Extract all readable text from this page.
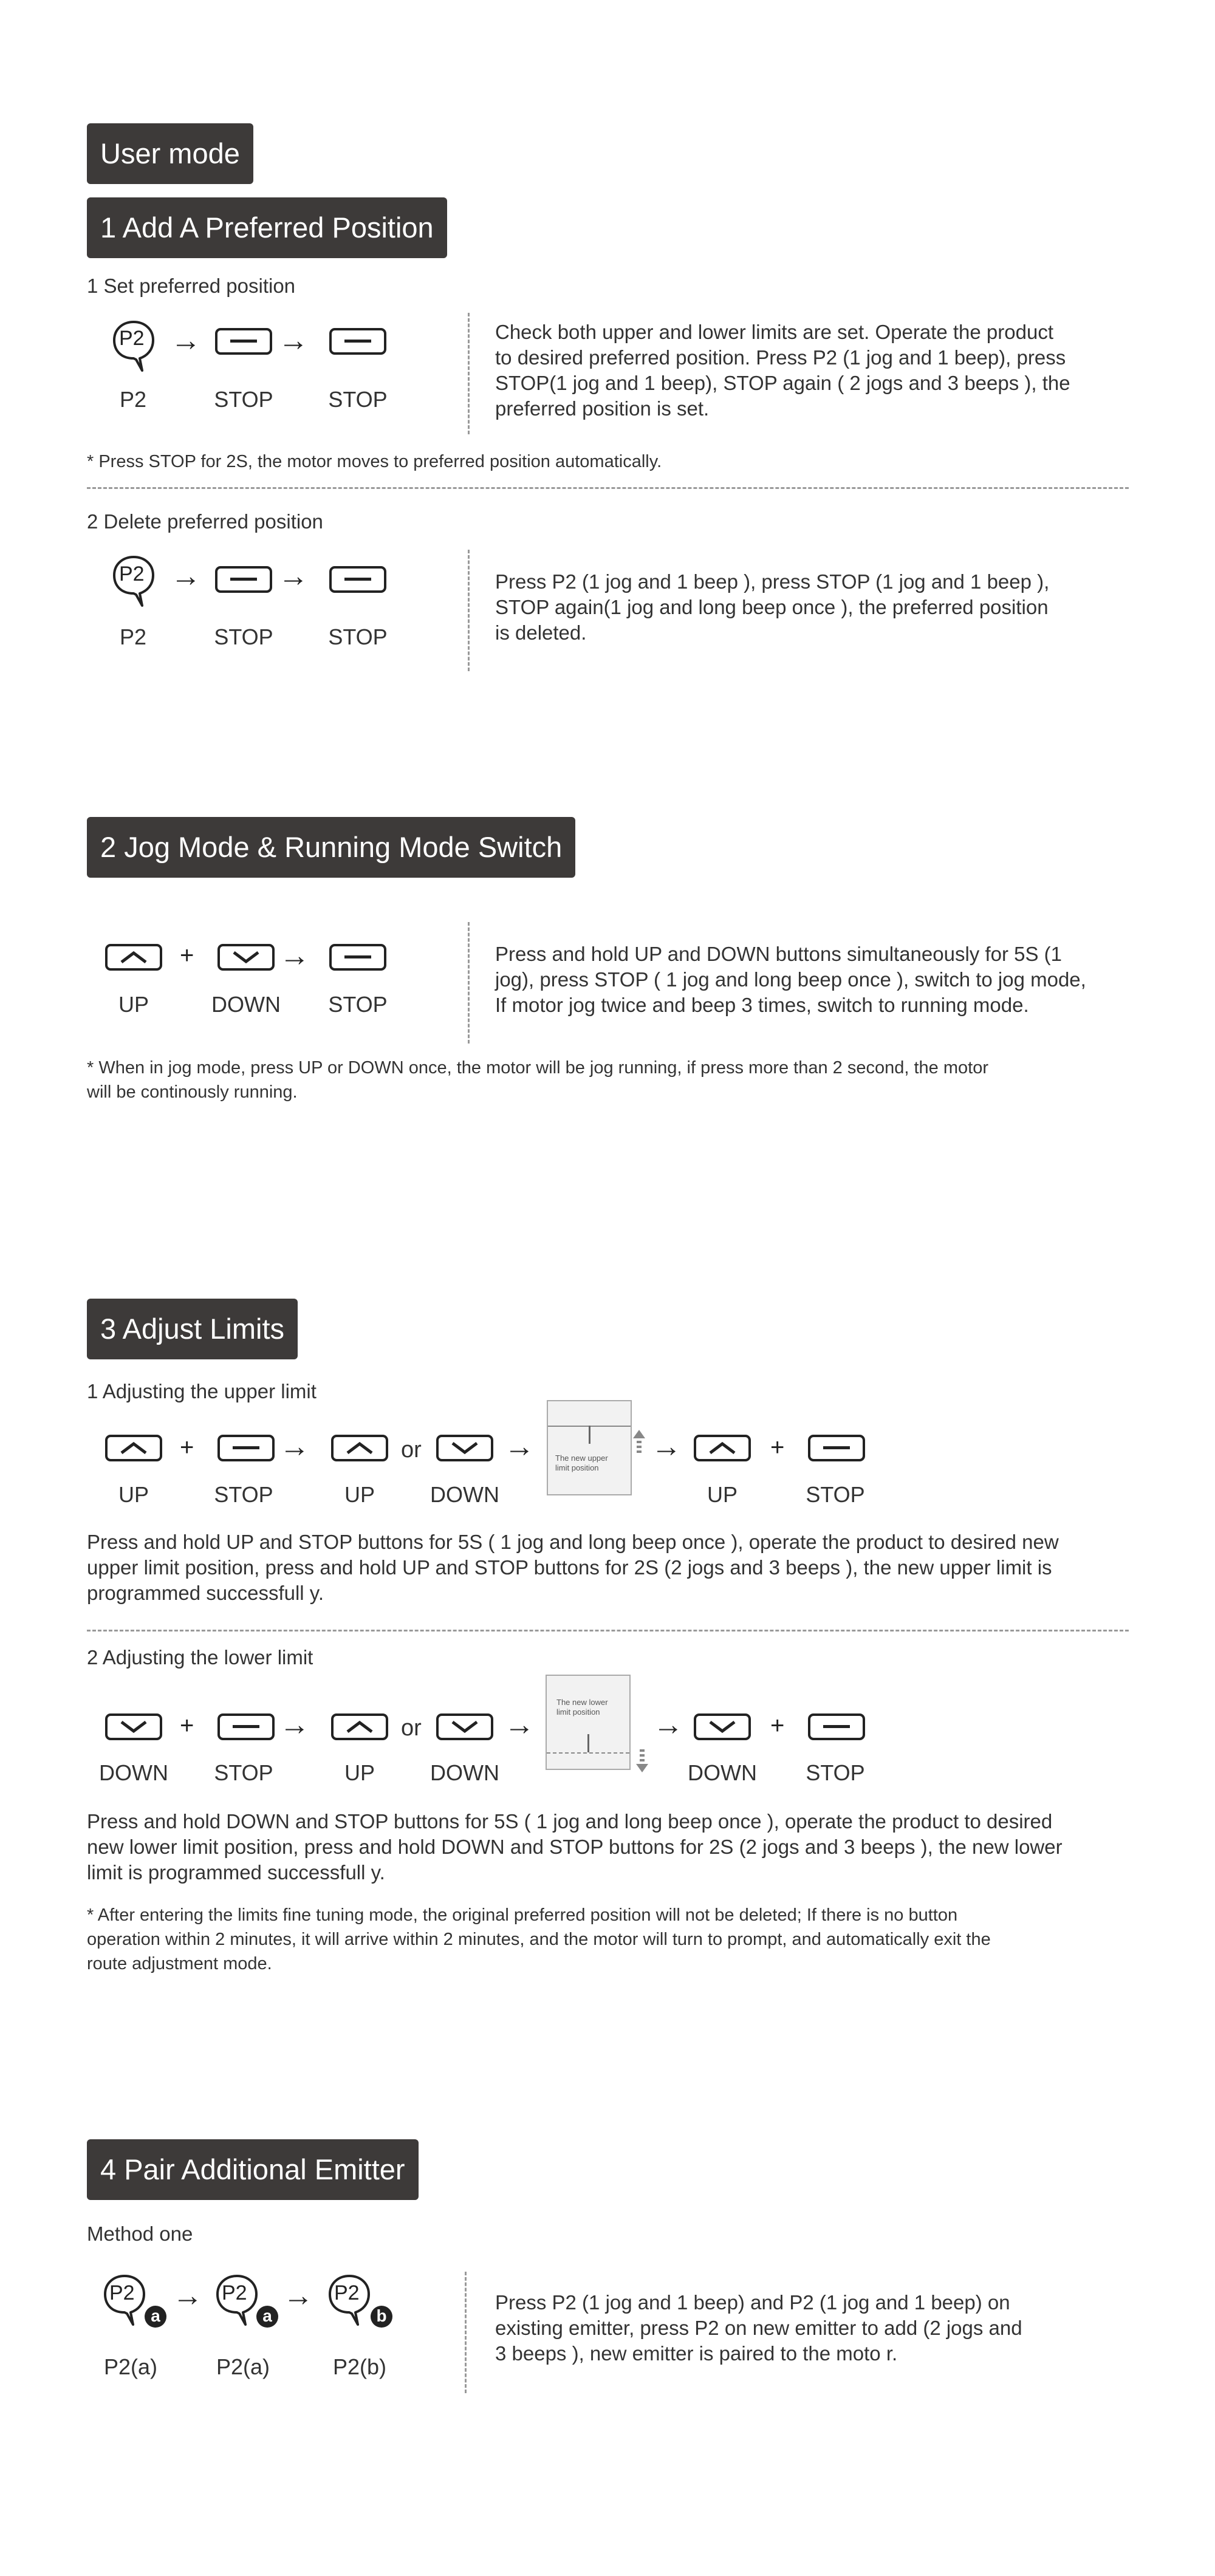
User mode
1 Add A Preferred Position
1 Set preferred position
P2 →	→
P2	STOP	STOP
Check both upper and lower limits are set. Operate the product
to desired preferred position. Press P2 (1 jog and 1 beep), press
STOP(1 jog and 1 beep), STOP again ( 2 jogs and 3 beeps ), the
preferred position is set.
* Press STOP for 2S, the motor moves to preferred position automatically.
2 Delete preferred position
P2 →	→
P2	STOP	STOP
Press P2 (1 jog and 1 beep ), press STOP (1 jog and 1 beep ),
STOP again(1 jog and long beep once ), the preferred position
is deleted.
2 Jog Mode & Running Mode Switch
+	→
UP	DOWN	STOP
Press and hold UP and DOWN buttons simultaneously for 5S (1
jog), press STOP ( 1 jog and long beep once ), switch to jog mode,
If motor jog twice and beep 3 times, switch to running mode.
* When in jog mode, press UP or DOWN once, the motor will be jog running, if press more than 2 second, the motor
will be continously running.
3 Adjust Limits
1 Adjusting the upper limit
+	→	or	→	The new upper
limit position
→	+
UP	STOP	UP	DOWN	UP	STOP
Press and hold UP and STOP buttons for 5S ( 1 jog and long beep once ), operate the product to desired new
upper limit position, press and hold UP and STOP buttons for 2S (2 jogs and 3 beeps ), the new upper limit is
programmed successfull y.
2 Adjusting the lower limit
+	→	or	→
The new lower
limit position →	+
DOWN	STOP	UP	DOWN	DOWN	STOP
Press and hold DOWN and STOP buttons for 5S ( 1 jog and long beep once ), operate the product to desired
new lower limit position, press and hold DOWN and STOP buttons for 2S (2 jogs and 3 beeps ), the new lower
limit is programmed successfull y.
* After entering the limits fine tuning mode, the original preferred position will not be deleted; If there is no button
operation within 2 minutes, it will arrive within 2 minutes, and the motor will turn to prompt, and automatically exit the
route adjustment mode.
4 Pair Additional Emitter
Method one
P2
a
→ P2
a
→ P2
b
P2(a)	P2(a)	P2(b)
Press P2 (1 jog and 1 beep) and P2 (1 jog and 1 beep) on
existing emitter, press P2 on new emitter to add (2 jogs and
3 beeps ), new emitter is paired to the moto r.
